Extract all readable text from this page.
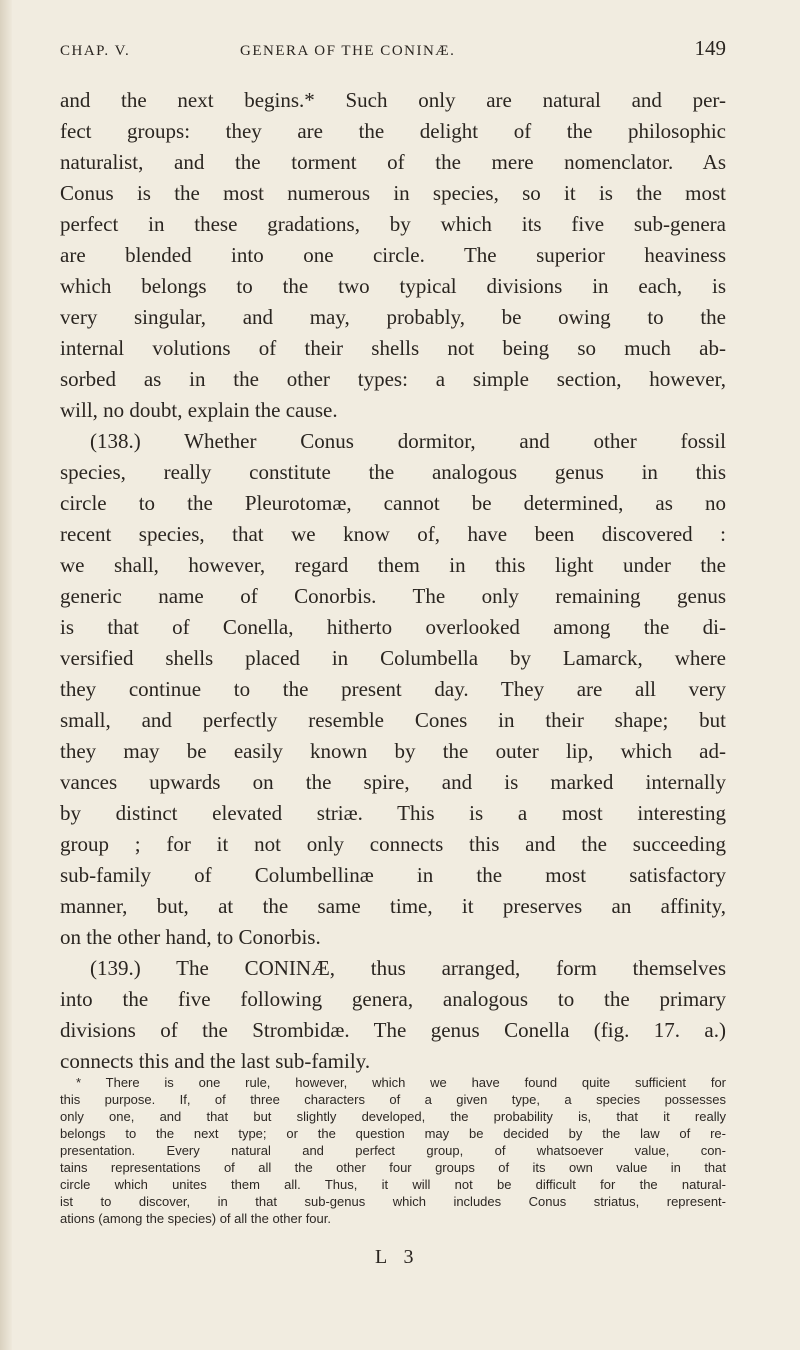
CHAP. V.	GENERA OF THE CONINÆ.	149
and the next begins.* Such only are natural and per-
fect groups: they are the delight of the philosophic
naturalist, and the torment of the mere nomenclator. As
Conus is the most numerous in species, so it is the most
perfect in these gradations, by which its five sub-genera
are blended into one circle. The superior heaviness
which belongs to the two typical divisions in each, is
very singular, and may, probably, be owing to the
internal volutions of their shells not being so much ab-
sorbed as in the other types: a simple section, however,
will, no doubt, explain the cause.
(138.) Whether Conus dormitor, and other fossil
species, really constitute the analogous genus in this
circle to the Pleurotomæ, cannot be determined, as no
recent species, that we know of, have been discovered :
we shall, however, regard them in this light under the
generic name of Conorbis. The only remaining genus
is that of Conella, hitherto overlooked among the di-
versified shells placed in Columbella by Lamarck, where
they continue to the present day. They are all very
small, and perfectly resemble Cones in their shape; but
they may be easily known by the outer lip, which ad-
vances upwards on the spire, and is marked internally
by distinct elevated striæ. This is a most interesting
group ; for it not only connects this and the succeeding
sub-family of Columbellinæ in the most satisfactory
manner, but, at the same time, it preserves an affinity,
on the other hand, to Conorbis.
(139.) The CONINÆ, thus arranged, form themselves
into the five following genera, analogous to the primary
divisions of the Strombidæ. The genus Conella (fig. 17. a.)
connects this and the last sub-family.
* There is one rule, however, which we have found quite sufficient for
this purpose. If, of three characters of a given type, a species possesses
only one, and that but slightly developed, the probability is, that it really
belongs to the next type; or the question may be decided by the law of re-
presentation. Every natural and perfect group, of whatsoever value, con-
tains representations of all the other four groups of its own value in that
circle which unites them all. Thus, it will not be difficult for the natural-
ist to discover, in that sub-genus which includes Conus striatus, represent-
ations (among the species) of all the other four.
L 3
